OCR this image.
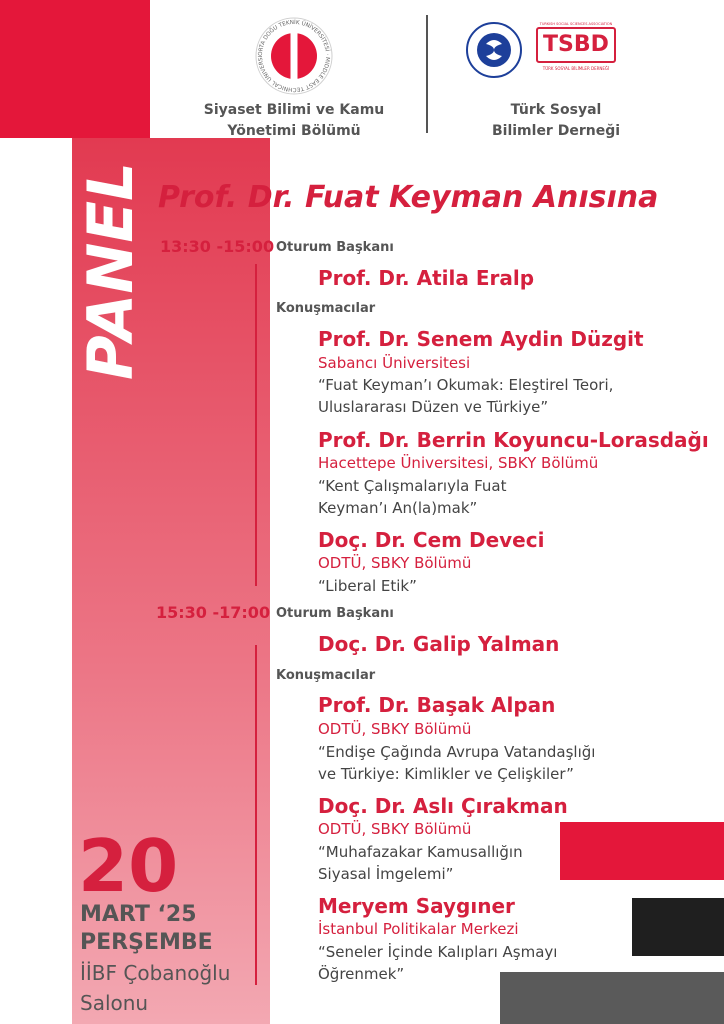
ORTA DOĞU TEKNİK ÜNİVERSİTESİ · MIDDLE EAST TECHNICAL UNIVERSI
Siyaset Bilimi ve Kamu
Yönetimi Bölümü
TURKISH SOCIAL SCIENCES ASSOCIATION
TSBD
TÜRK SOSYAL BİLİMLER DERNEĞİ
Türk Sosyal
Bilimler Derneği
PANEL Prof. Dr. Fuat Keyman Anısına
13:30 -15:00 Oturum Başkanı
Prof. Dr. Atila Eralp
Konuşmacılar
Prof. Dr. Senem Aydin Düzgit
Sabancı Üniversitesi
“Fuat Keyman’ı Okumak: Eleştirel Teori,
Uluslararası Düzen ve Türkiye”
Prof. Dr. Berrin Koyuncu-Lorasdağı
Hacettepe Üniversitesi, SBKY Bölümü
“Kent Çalışmalarıyla Fuat
Keyman’ı An(la)mak”
Doç. Dr. Cem Deveci
ODTÜ, SBKY Bölümü
“Liberal Etik”
15:30 -17:00 Oturum Başkanı
Doç. Dr. Galip Yalman
Konuşmacılar
Prof. Dr. Başak Alpan
ODTÜ, SBKY Bölümü
“Endişe Çağında Avrupa Vatandaşlığı
ve Türkiye: Kimlikler ve Çelişkiler”
Doç. Dr. Aslı Çırakman
ODTÜ, SBKY Bölümü
“Muhafazakar Kamusallığın
Siyasal İmgelemi”
Meryem Saygıner
İstanbul Politikalar Merkezi
“Seneler İçinde Kalıpları Aşmayı
Öğrenmek”
20
MART ‘25
PERŞEMBE
İİBF Çobanoğlu
Salonu
